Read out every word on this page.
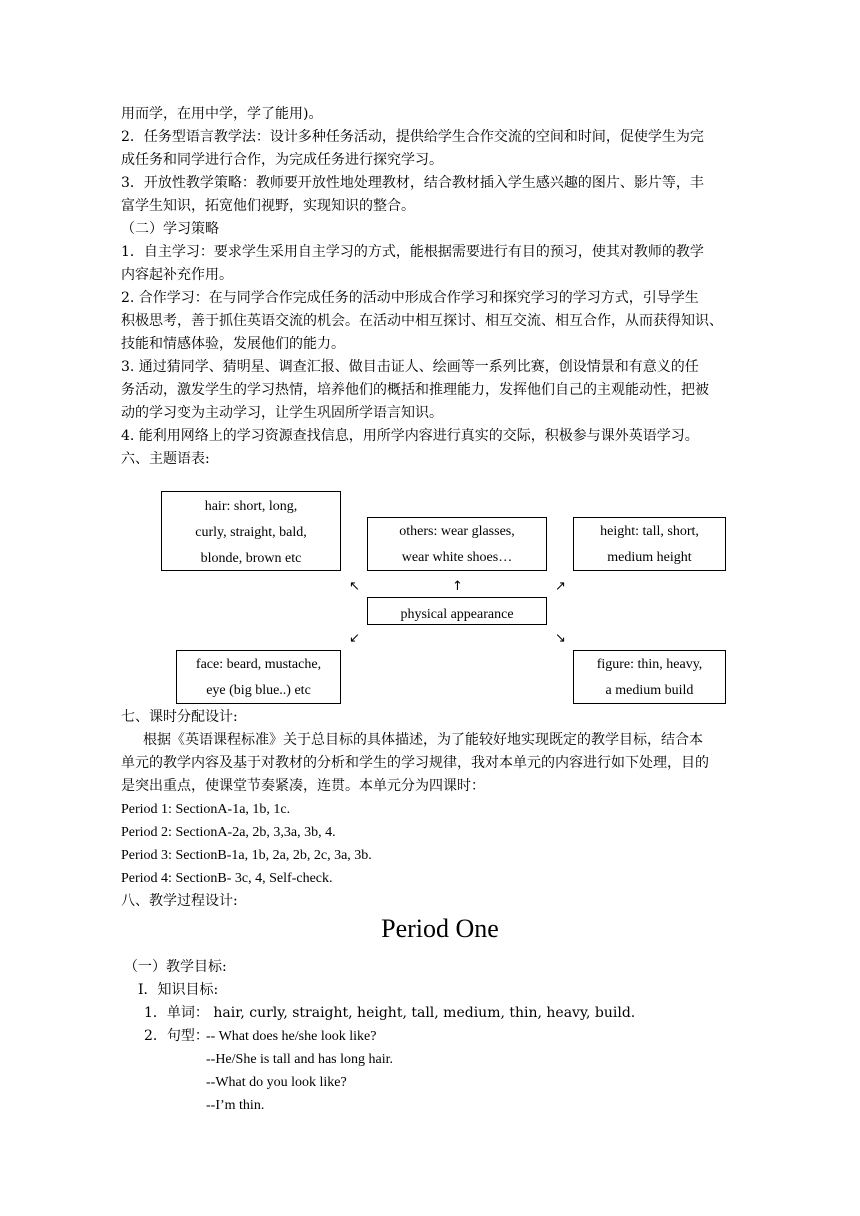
用而学，在用中学，学了能用)。
2．任务型语言教学法：设计多种任务活动，提供给学生合作交流的空间和时间，促使学生为完
成任务和同学进行合作，为完成任务进行探究学习。
3．开放性教学策略：教师要开放性地处理教材，结合教材插入学生感兴趣的图片、影片等，丰
富学生知识，拓宽他们视野，实现知识的整合。
（二）学习策略
1．自主学习：要求学生采用自主学习的方式，能根据需要进行有目的预习，使其对教师的教学
内容起补充作用。
2. 合作学习：在与同学合作完成任务的活动中形成合作学习和探究学习的学习方式，引导学生
积极思考，善于抓住英语交流的机会。在活动中相互探讨、相互交流、相互合作，从而获得知识、
技能和情感体验，发展他们的能力。
3. 通过猜同学、猜明星、调查汇报、做目击证人、绘画等一系列比赛，创设情景和有意义的任
务活动，激发学生的学习热情，培养他们的概括和推理能力，发挥他们自己的主观能动性，把被
动的学习变为主动学习，让学生巩固所学语言知识。
4. 能利用网络上的学习资源查找信息，用所学内容进行真实的交际，积极参与课外英语学习。
六、主题语表:
hair: short, long,
curly, straight, bald,
blonde, brown etc
others: wear glasses,
wear white shoes…
height: tall, short,
medium height
↖	↑	↗
physical appearance
↙	↘
face: beard, mustache,
eye (big blue..) etc
figure: thin, heavy,
a medium build
七、课时分配设计:
根据《英语课程标准》关于总目标的具体描述，为了能较好地实现既定的教学目标，结合本
单元的教学内容及基于对教材的分析和学生的学习规律，我对本单元的内容进行如下处理，目的
是突出重点，使课堂节奏紧凑，连贯。本单元分为四课时：
Period 1: SectionA-1a, 1b, 1c.
Period 2: SectionA-2a, 2b, 3,3a, 3b, 4.
Period 3: SectionB-1a, 1b, 2a, 2b, 2c, 3a, 3b.
Period 4: SectionB- 3c, 4, Self-check.
八、教学过程设计:
Period One
（一）教学目标:
I．知识目标:
1．单词： hair, curly, straight, height, tall, medium, thin, heavy, build.
2．句型：
-- What does he/she look like?
--He/She is tall and has long hair.
--What do you look like?
--I’m thin.
